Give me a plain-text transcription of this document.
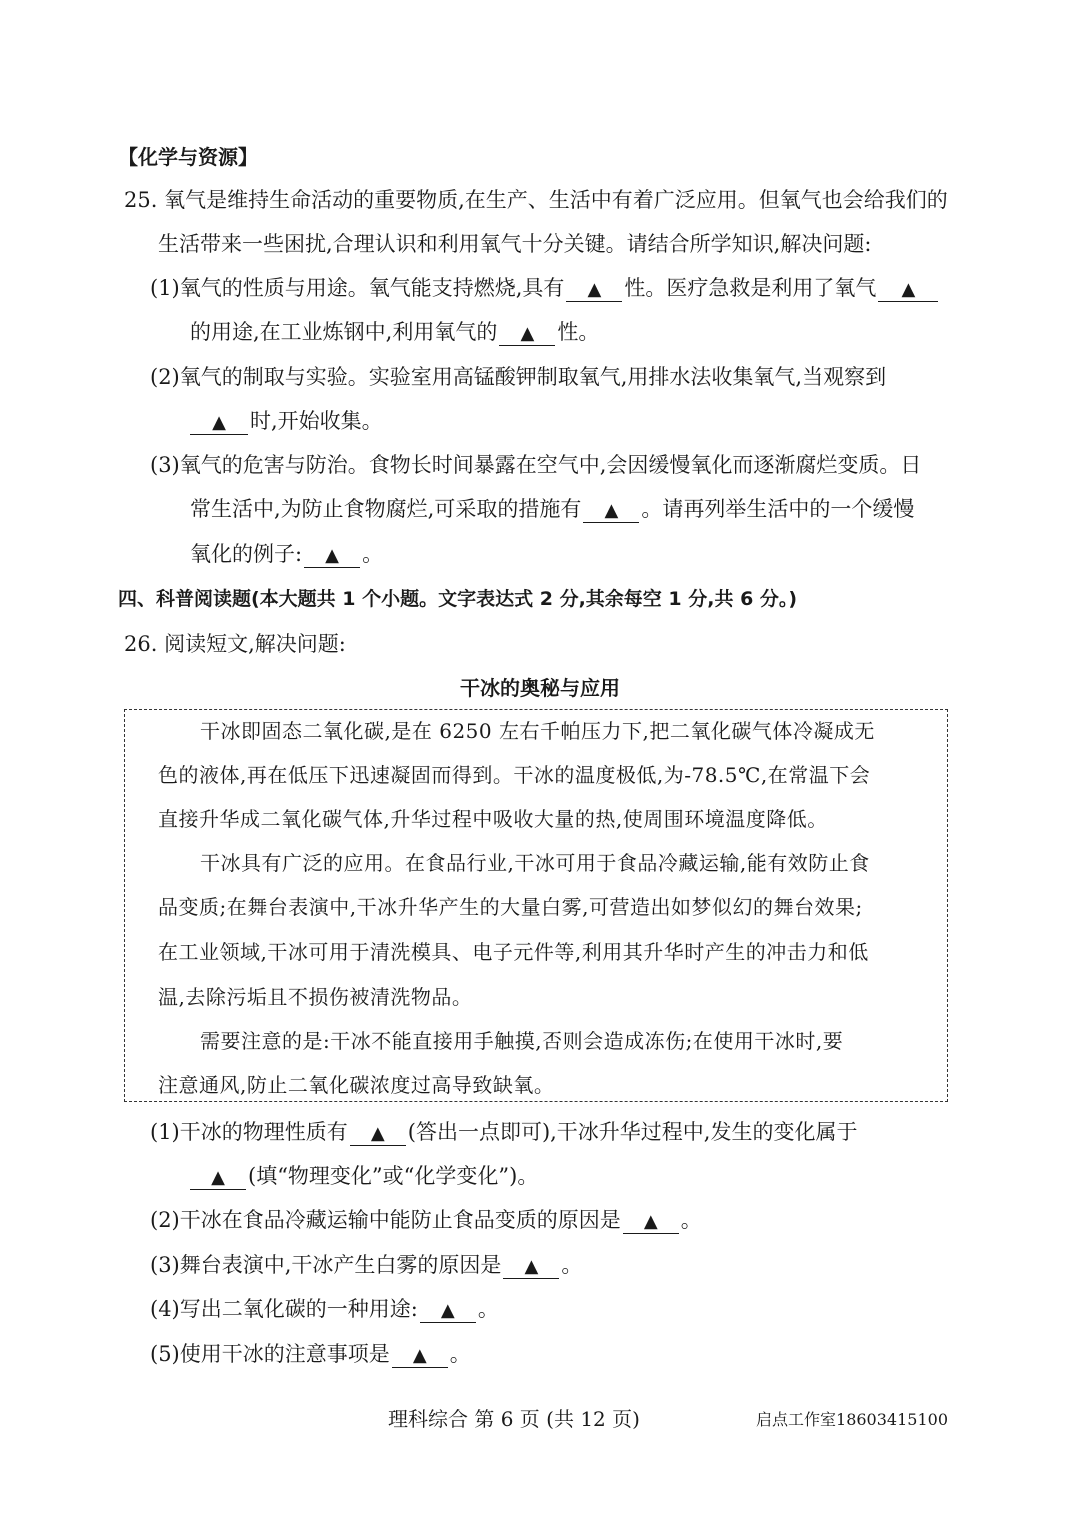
【化学与资源】
25. 氧气是维持生命活动的重要物质,在生产、生活中有着广泛应用。但氧气也会给我们的
生活带来一些困扰,合理认识和利用氧气十分关键。请结合所学知识,解决问题:
(1)氧气的性质与用途。氧气能支持燃烧,具有 ▲ 性。医疗急救是利用了氧气 ▲
的用途,在工业炼钢中,利用氧气的 ▲ 性。
(2)氧气的制取与实验。实验室用高锰酸钾制取氧气,用排水法收集氧气,当观察到
▲ 时,开始收集。
(3)氧气的危害与防治。食物长时间暴露在空气中,会因缓慢氧化而逐渐腐烂变质。日
常生活中,为防止食物腐烂,可采取的措施有 ▲ 。请再列举生活中的一个缓慢
氧化的例子: ▲ 。
四、科普阅读题(本大题共 1 个小题。文字表达式 2 分,其余每空 1 分,共 6 分。)
26. 阅读短文,解决问题:
干冰的奥秘与应用
干冰即固态二氧化碳,是在 6250 左右千帕压力下,把二氧化碳气体冷凝成无
色的液体,再在低压下迅速凝固而得到。干冰的温度极低,为-78.5℃,在常温下会
直接升华成二氧化碳气体,升华过程中吸收大量的热,使周围环境温度降低。
干冰具有广泛的应用。在食品行业,干冰可用于食品冷藏运输,能有效防止食
品变质;在舞台表演中,干冰升华产生的大量白雾,可营造出如梦似幻的舞台效果;
在工业领域,干冰可用于清洗模具、电子元件等,利用其升华时产生的冲击力和低
温,去除污垢且不损伤被清洗物品。
需要注意的是:干冰不能直接用手触摸,否则会造成冻伤;在使用干冰时,要
注意通风,防止二氧化碳浓度过高导致缺氧。
(1)干冰的物理性质有 ▲ (答出一点即可),干冰升华过程中,发生的变化属于
▲ (填“物理变化”或“化学变化”)。
(2)干冰在食品冷藏运输中能防止食品变质的原因是 ▲ 。
(3)舞台表演中,干冰产生白雾的原因是 ▲ 。
(4)写出二氧化碳的一种用途: ▲ 。
(5)使用干冰的注意事项是 ▲ 。
理科综合 第 6 页 (共 12 页)	启点工作室18603415100
